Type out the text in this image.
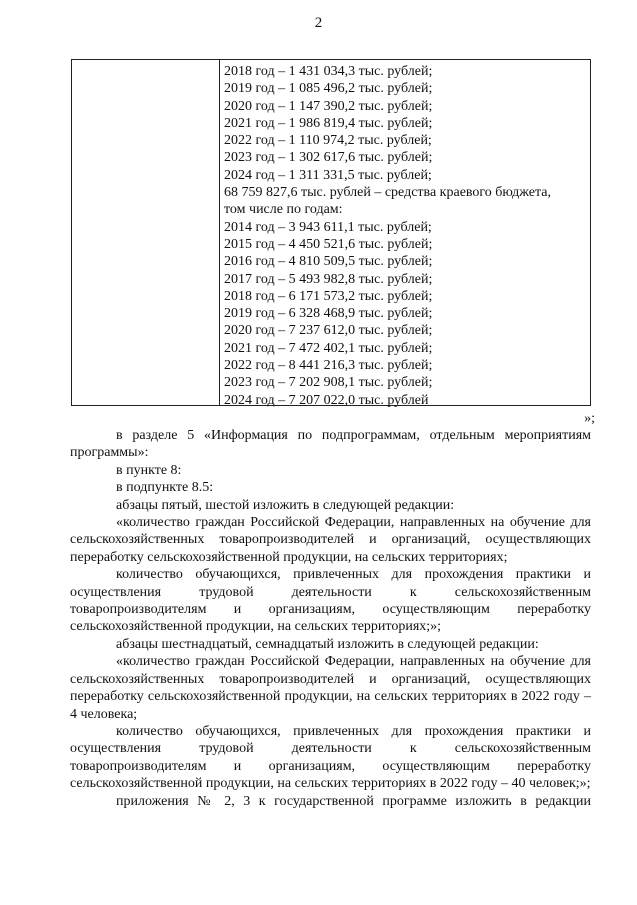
2
2018 год – 1 431 034,3 тыс. рублей;
2019 год – 1 085 496,2 тыс. рублей;
2020 год – 1 147 390,2 тыс. рублей;
2021 год – 1 986 819,4 тыс. рублей;
2022 год – 1 110 974,2 тыс. рублей;
2023 год – 1 302 617,6 тыс. рублей;
2024 год – 1 311 331,5 тыс. рублей;
68 759 827,6 тыс. рублей – средства краевого бюджета,
том числе по годам:
2014 год – 3 943 611,1 тыс. рублей;
2015 год – 4 450 521,6 тыс. рублей;
2016 год – 4 810 509,5 тыс. рублей;
2017 год – 5 493 982,8 тыс. рублей;
2018 год – 6 171 573,2 тыс. рублей;
2019 год – 6 328 468,9 тыс. рублей;
2020 год – 7 237 612,0 тыс. рублей;
2021 год – 7 472 402,1 тыс. рублей;
2022 год – 8 441 216,3 тыс. рублей;
2023 год – 7 202 908,1 тыс. рублей;
2024 год – 7 207 022,0 тыс. рублей
»;
в разделе 5 «Информация по подпрограммам, отдельным мероприятиям программы»:
в пункте 8:
в подпункте 8.5:
абзацы пятый, шестой изложить в следующей редакции:
«количество граждан Российской Федерации, направленных на обучение для сельскохозяйственных товаропроизводителей и организаций, осуществляющих переработку сельскохозяйственной продукции, на сельских территориях;
количество обучающихся, привлеченных для прохождения практики и осуществления трудовой деятельности к сельскохозяйственным товаропроизводителям и организациям, осуществляющим переработку сельскохозяйственной продукции, на сельских территориях;»;
абзацы шестнадцатый, семнадцатый изложить в следующей редакции:
«количество граждан Российской Федерации, направленных на обучение для сельскохозяйственных товаропроизводителей и организаций, осуществляющих переработку сельскохозяйственной продукции, на сельских территориях в 2022 году – 4 человека;
количество обучающихся, привлеченных для прохождения практики и осуществления трудовой деятельности к сельскохозяйственным товаропроизводителям и организациям, осуществляющим переработку сельскохозяйственной продукции, на сельских территориях в 2022 году – 40 человек;»;
приложения № 2, 3 к государственной программе изложить в редакции
